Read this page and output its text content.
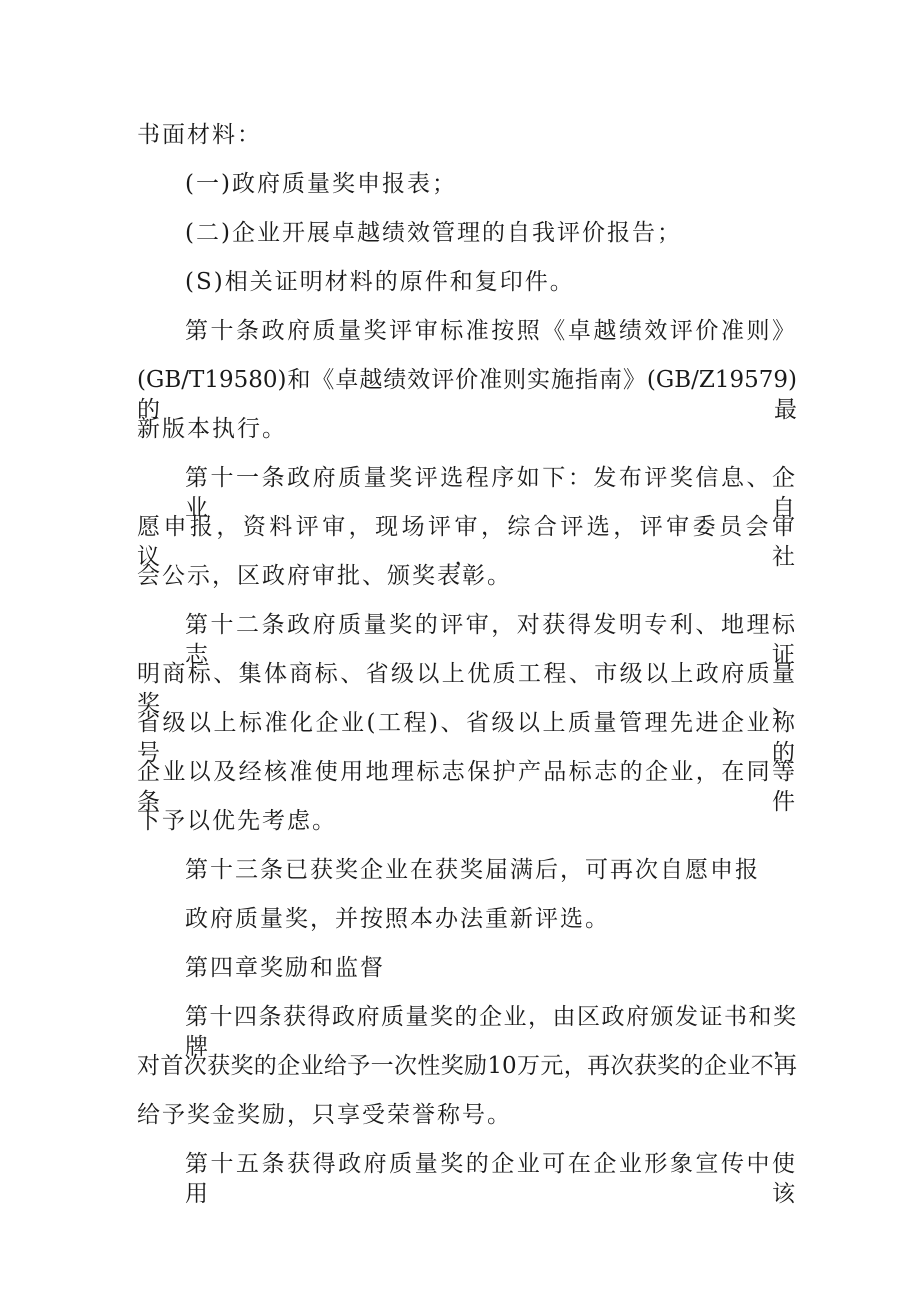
书面材料：
(一)政府质量奖申报表；
(二)企业开展卓越绩效管理的自我评价报告；
(S)相关证明材料的原件和复印件。
第十条政府质量奖评审标准按照《卓越绩效评价准则》
(GB/T19580)和《卓越绩效评价准则实施指南》(GB/Z19579)的最
新版本执行。
第十一条政府质量奖评选程序如下：发布评奖信息、企业自
愿申报，资料评审，现场评审，综合评选，评审委员会审议，社
会公示，区政府审批、颁奖表彰。
第十二条政府质量奖的评审，对获得发明专利、地理标志证
明商标、集体商标、省级以上优质工程、市级以上政府质量奖、
省级以上标准化企业(工程)、省级以上质量管理先进企业称号的
企业以及经核准使用地理标志保护产品标志的企业，在同等条件
下予以优先考虑。
第十三条已获奖企业在获奖届满后，可再次自愿申报
政府质量奖，并按照本办法重新评选。
第四章奖励和监督
第十四条获得政府质量奖的企业，由区政府颁发证书和奖牌，
对首次获奖的企业给予一次性奖励10万元，再次获奖的企业不再
给予奖金奖励，只享受荣誉称号。
第十五条获得政府质量奖的企业可在企业形象宣传中使用该
